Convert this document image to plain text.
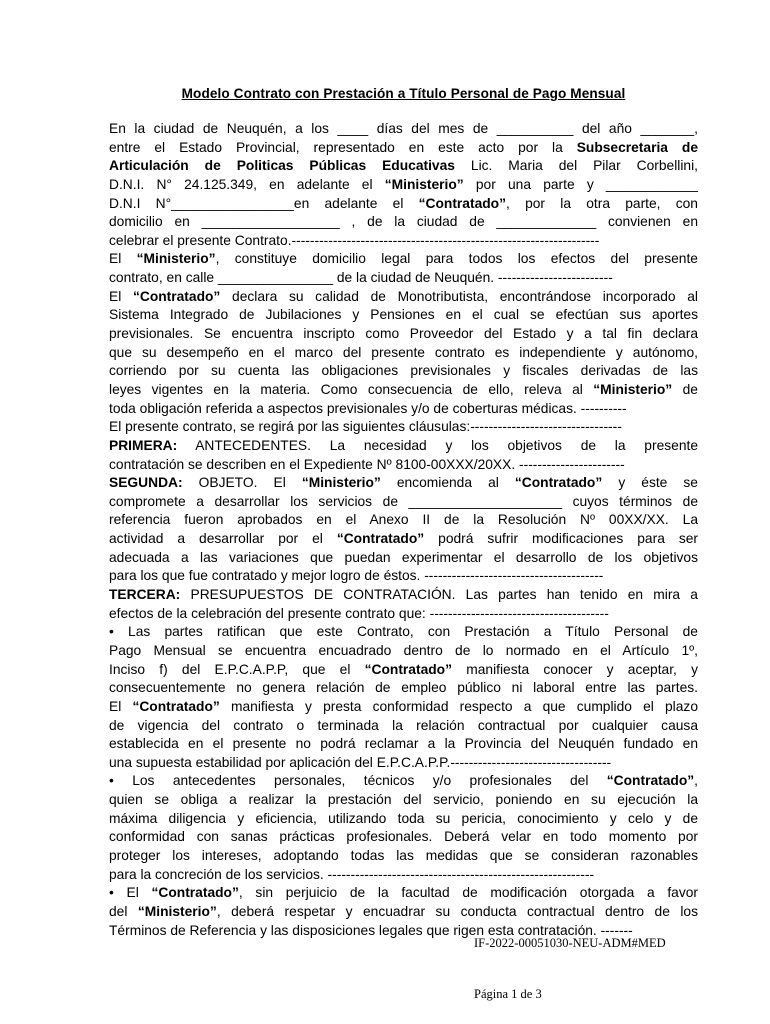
Modelo Contrato con Prestación a Título Personal de Pago Mensual
En la ciudad de Neuquén, a los ____ días del mes de __________ del año _______,
entre el Estado Provincial, representado en este acto por la Subsecretaria de
Articulación de Politicas Públicas Educativas Lic. Maria del Pilar Corbellini,
D.N.I. N° 24.125.349, en adelante el “Ministerio” por una parte y ____________
D.N.I N°________________en adelante el “Contratado”, por la otra parte, con
domicilio en __________________ , de la ciudad de _____________ convienen en
celebrar el presente Contrato.-------------------------------------------------------------------
El “Ministerio”, constituye domicilio legal para todos los efectos del presente
contrato, en calle _______________ de la ciudad de Neuquén. -------------------------
El “Contratado” declara su calidad de Monotributista, encontrándose incorporado al
Sistema Integrado de Jubilaciones y Pensiones en el cual se efectúan sus aportes
previsionales. Se encuentra inscripto como Proveedor del Estado y a tal fin declara
que su desempeño en el marco del presente contrato es independiente y autónomo,
corriendo por su cuenta las obligaciones previsionales y fiscales derivadas de las
leyes vigentes en la materia. Como consecuencia de ello, releva al “Ministerio” de
toda obligación referida a aspectos previsionales y/o de coberturas médicas. ----------
El presente contrato, se regirá por las siguientes cláusulas:---------------------------------
PRIMERA: ANTECEDENTES. La necesidad y los objetivos de la presente
contratación se describen en el Expediente Nº 8100-00XXX/20XX. -----------------------
SEGUNDA: OBJETO. El “Ministerio” encomienda al “Contratado” y éste se
compromete a desarrollar los servicios de ____________________ cuyos términos de
referencia fueron aprobados en el Anexo II de la Resolución Nº 00XX/XX. La
actividad a desarrollar por el “Contratado” podrá sufrir modificaciones para ser
adecuada a las variaciones que puedan experimentar el desarrollo de los objetivos
para los que fue contratado y mejor logro de éstos. ---------------------------------------
TERCERA: PRESUPUESTOS DE CONTRATACIÓN. Las partes han tenido en mira a
efectos de la celebración del presente contrato que: ---------------------------------------
• Las partes ratifican que este Contrato, con Prestación a Título Personal de
Pago Mensual se encuentra encuadrado dentro de lo normado en el Artículo 1º,
Inciso f) del E.P.C.A.P.P, que el “Contratado” manifiesta conocer y aceptar, y
consecuentemente no genera relación de empleo público ni laboral entre las partes.
El “Contratado” manifiesta y presta conformidad respecto a que cumplido el plazo
de vigencia del contrato o terminada la relación contractual por cualquier causa
establecida en el presente no podrá reclamar a la Provincia del Neuquén fundado en
una supuesta estabilidad por aplicación del E.P.C.A.P.P.-----------------------------------
• Los antecedentes personales, técnicos y/o profesionales del “Contratado”,
quien se obliga a realizar la prestación del servicio, poniendo en su ejecución la
máxima diligencia y eficiencia, utilizando toda su pericia, conocimiento y celo y de
conformidad con sanas prácticas profesionales. Deberá velar en todo momento por
proteger los intereses, adoptando todas las medidas que se consideran razonables
para la concreción de los servicios. ----------------------------------------------------------
• El “Contratado”, sin perjuicio de la facultad de modificación otorgada a favor
del “Ministerio”, deberá respetar y encuadrar su conducta contractual dentro de los
Términos de Referencia y las disposiciones legales que rigen esta contratación. -------
IF-2022-00051030-NEU-ADM#MED
Página 1 de 3
